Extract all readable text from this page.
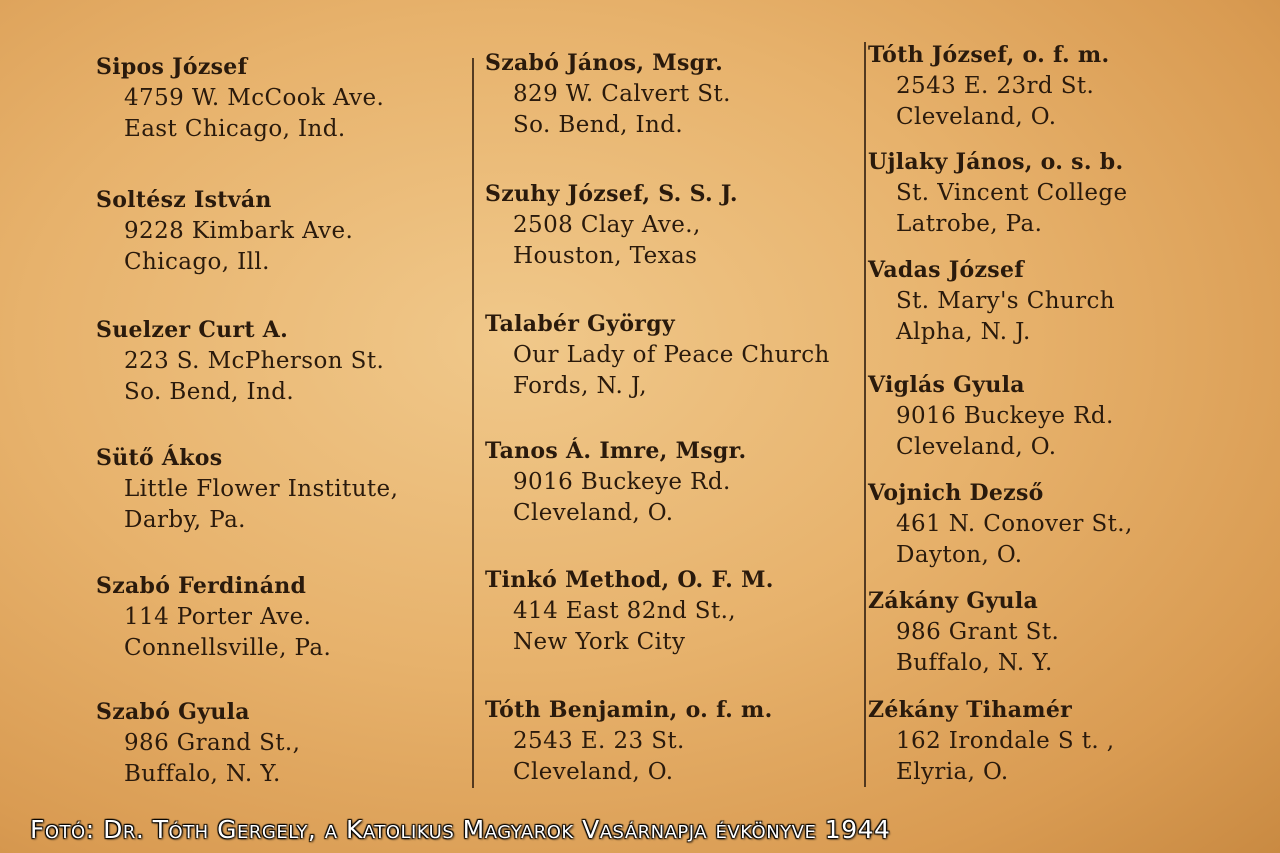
Sipos József
4759 W. McCook Ave.
East Chicago, Ind.
Soltész István
9228 Kimbark Ave.
Chicago, Ill.
Suelzer Curt A.
223 S. McPherson St.
So. Bend, Ind.
Sütő Ákos
Little Flower Institute,
Darby, Pa.
Szabó Ferdinánd
114 Porter Ave.
Connellsville, Pa.
Szabó Gyula
986 Grand St.,
Buffalo, N. Y.
Szabó János, Msgr.
829 W. Calvert St.
So. Bend, Ind.
Szuhy József, S. S. J.
2508 Clay Ave.,
Houston, Texas
Talabér György
Our Lady of Peace Church
Fords, N. J,
Tanos Á. Imre, Msgr.
9016 Buckeye Rd.
Cleveland, O.
Tinkó Method, O. F. M.
414 East 82nd St.,
New York City
Tóth Benjamin, o. f. m.
2543 E. 23 St.
Cleveland, O.
Tóth József, o. f. m.
2543 E. 23rd St.
Cleveland, O.
Ujlaky János, o. s. b.
St. Vincent College
Latrobe, Pa.
Vadas József
St. Mary's Church
Alpha, N. J.
Viglás Gyula
9016 Buckeye Rd.
Cleveland, O.
Vojnich Dezső
461 N. Conover St.,
Dayton, O.
Zákány Gyula
986 Grant St.
Buffalo, N. Y.
Zékány Tihamér
162 Irondale S t. ,
Elyria, O.
Fotó: Dr. Tóth Gergely, a Katolikus Magyarok Vasárnapja évkönyve 1944
